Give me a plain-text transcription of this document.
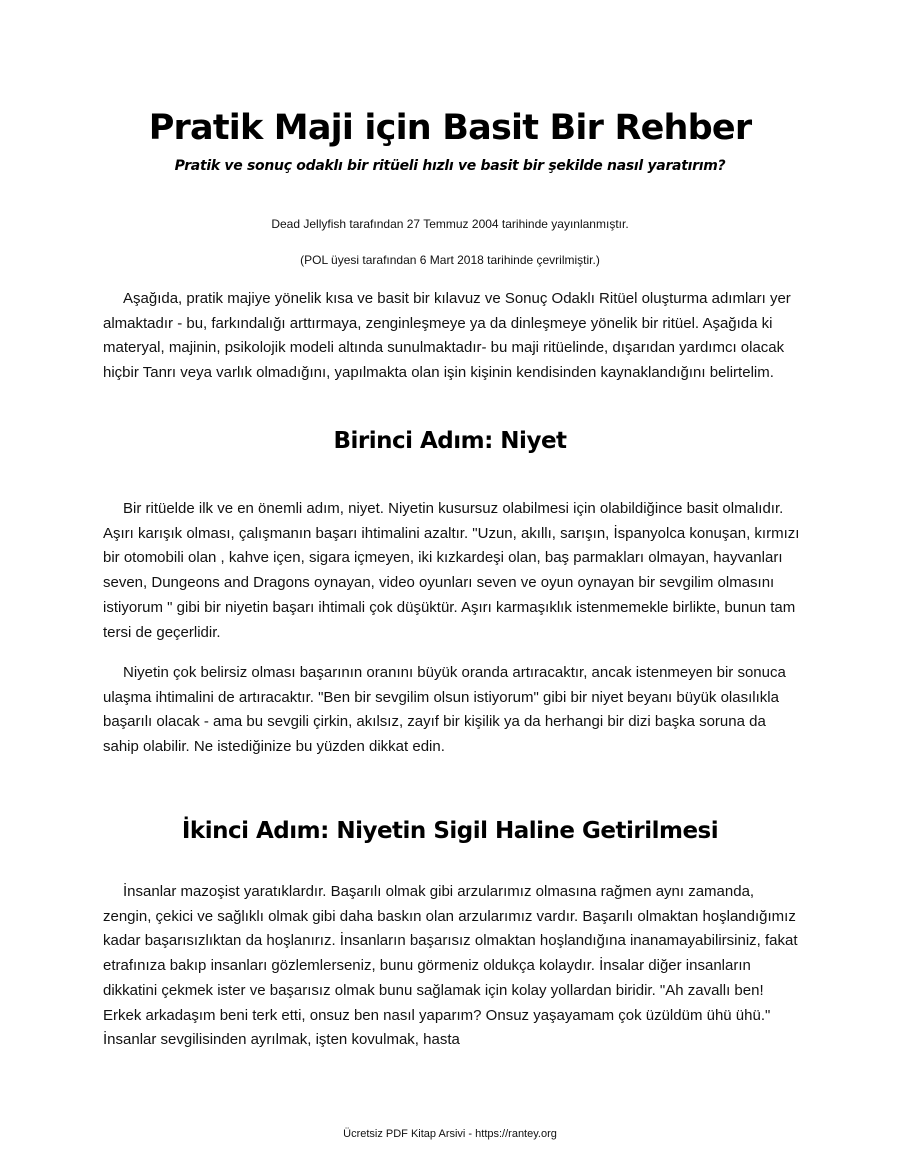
Pratik Maji için Basit Bir Rehber

Pratik ve sonuç odaklı bir ritüeli hızlı ve basit bir şekilde nasıl yaratırım?

Dead Jellyfish tarafından 27 Temmuz 2004 tarihinde yayınlanmıştır.

(POL üyesi tarafından 6 Mart 2018 tarihinde çevrilmiştir.)

Aşağıda, pratik majiye yönelik kısa ve basit bir kılavuz ve Sonuç Odaklı Ritüel oluşturma adımları yer almaktadır - bu, farkındalığı arttırmaya, zenginleşmeye ya da dinleşmeye yönelik bir ritüel. Aşağıda ki materyal, majinin, psikolojik modeli altında sunulmaktadır- bu maji ritüelinde, dışarıdan yardımcı olacak hiçbir Tanrı veya varlık olmadığını, yapılmakta olan işin kişinin kendisinden kaynaklandığını belirtelim.

Birinci Adım: Niyet

Bir ritüelde ilk ve en önemli adım, niyet. Niyetin kusursuz olabilmesi için olabildiğince basit olmalıdır. Aşırı karışık olması, çalışmanın başarı ihtimalini azaltır. "Uzun, akıllı, sarışın, İspanyolca konuşan, kırmızı bir otomobili olan , kahve içen, sigara içmeyen, iki kızkardeşi olan, baş parmakları olmayan, hayvanları seven, Dungeons and Dragons oynayan, video oyunları seven ve oyun oynayan bir sevgilim olmasını istiyorum " gibi bir niyetin başarı ihtimali çok düşüktür. Aşırı karmaşıklık istenmemekle birlikte, bunun tam tersi de geçerlidir.

Niyetin çok belirsiz olması başarının oranını büyük oranda artıracaktır, ancak istenmeyen bir sonuca ulaşma ihtimalini de artıracaktır. "Ben bir sevgilim olsun istiyorum" gibi bir niyet beyanı büyük olasılıkla başarılı olacak - ama bu sevgili çirkin, akılsız, zayıf bir kişilik ya da herhangi bir dizi başka soruna da sahip olabilir. Ne istediğinize bu yüzden dikkat edin.

İkinci Adım: Niyetin Sigil Haline Getirilmesi

İnsanlar mazoşist yaratıklardır. Başarılı olmak gibi arzularımız olmasına rağmen aynı zamanda, zengin, çekici ve sağlıklı olmak gibi daha baskın olan arzularımız vardır. Başarılı olmaktan hoşlandığımız kadar başarısızlıktan da hoşlanırız. İnsanların başarısız olmaktan hoşlandığına inanamayabilirsiniz, fakat etrafınıza bakıp insanları gözlemlerseniz, bunu görmeniz oldukça kolaydır. İnsalar diğer insanların dikkatini çekmek ister ve başarısız olmak bunu sağlamak için kolay yollardan biridir. "Ah zavallı ben! Erkek arkadaşım beni terk etti, onsuz ben nasıl yaparım? Onsuz yaşayamam çok üzüldüm ühü ühü." İnsanlar sevgilisinden ayrılmak, işten kovulmak, hasta

Ücretsiz PDF Kitap Arsivi - https://rantey.org
